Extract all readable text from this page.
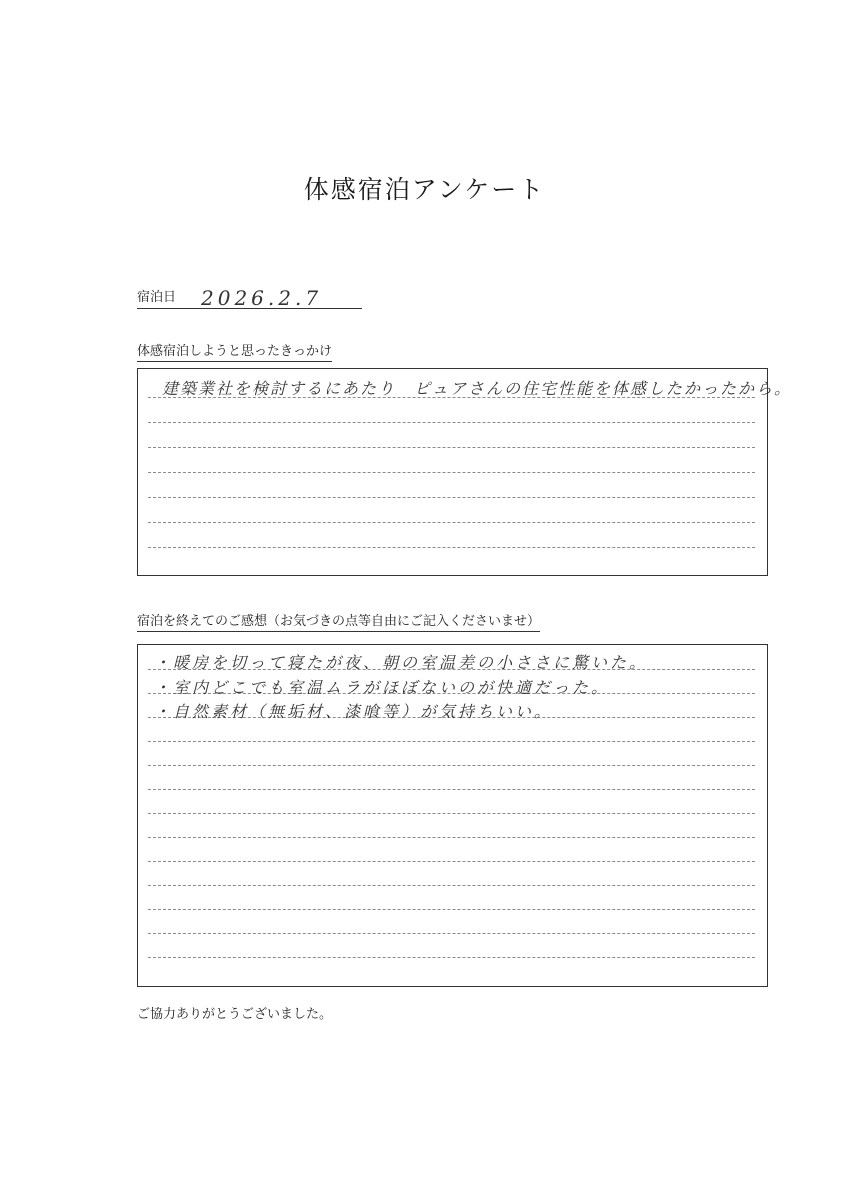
体感宿泊アンケート
宿泊日 2026.2.7
体感宿泊しようと思ったきっかけ
建築業社を検討するにあたり　ピュアさんの住宅性能を体感したかったから。
宿泊を終えてのご感想（お気づきの点等自由にご記入くださいませ）
・暖房を切って寝たが夜、朝の室温差の小ささに驚いた。
・室内どこでも室温ムラがほぼないのが快適だった。
・自然素材（無垢材、漆喰等）が気持ちいい。
ご協力ありがとうございました。
